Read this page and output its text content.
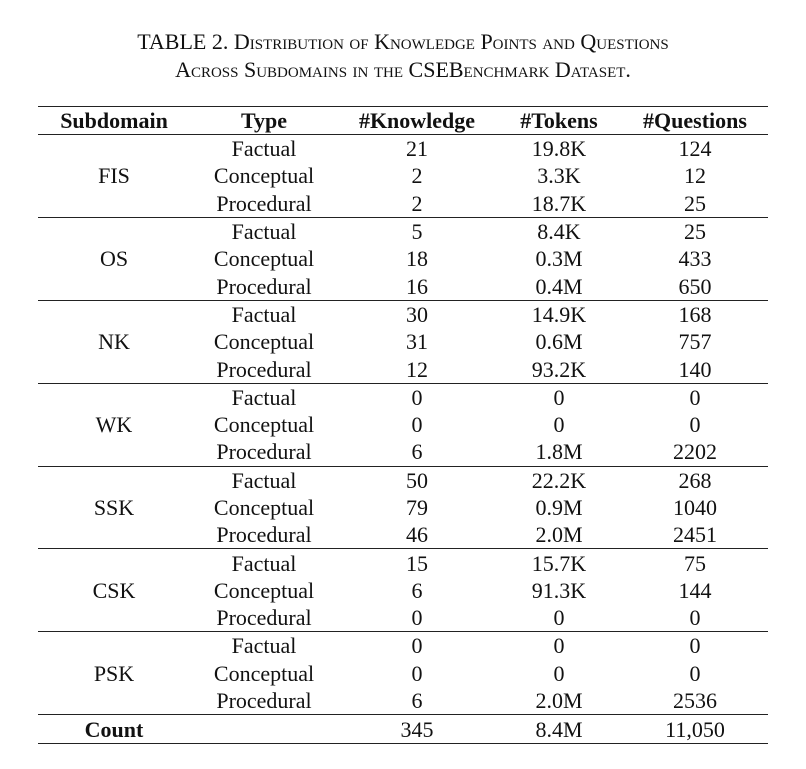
TABLE 2. Distribution of Knowledge Points and Questions
Across Subdomains in the CSEBenchmark Dataset.
Subdomain	Type	#Knowledge	#Tokens	#Questions
FIS	Factual	21	19.8K	124
	Conceptual	2	3.3K	12
	Procedural	2	18.7K	25
OS	Factual	5	8.4K	25
	Conceptual	18	0.3M	433
	Procedural	16	0.4M	650
NK	Factual	30	14.9K	168
	Conceptual	31	0.6M	757
	Procedural	12	93.2K	140
WK	Factual	0	0	0
	Conceptual	0	0	0
	Procedural	6	1.8M	2202
SSK	Factual	50	22.2K	268
	Conceptual	79	0.9M	1040
	Procedural	46	2.0M	2451
CSK	Factual	15	15.7K	75
	Conceptual	6	91.3K	144
	Procedural	0	0	0
PSK	Factual	0	0	0
	Conceptual	0	0	0
	Procedural	6	2.0M	2536
Count		345	8.4M	11,050
